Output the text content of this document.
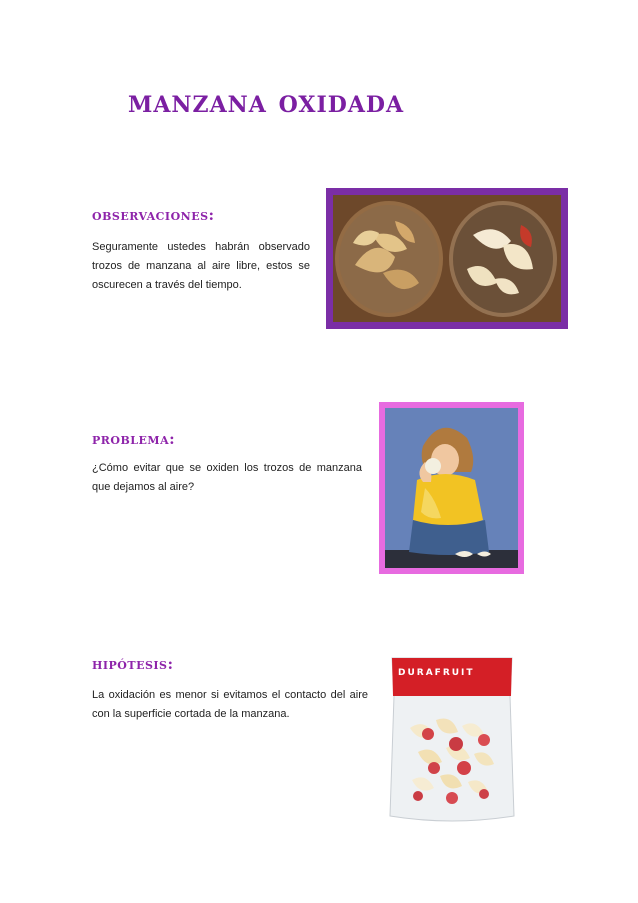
manzana oxidada
observaciones:

Seguramente ustedes habrán observado trozos de manzana al aire libre, estos se oscurecen a través del tiempo.

problema:

¿Cómo evitar que se oxiden los trozos de manzana que dejamos al aire?

hipótesis:

La oxidación es menor si evitamos el contacto del aire con la superficie cortada de la manzana.

DURAFRUIT
